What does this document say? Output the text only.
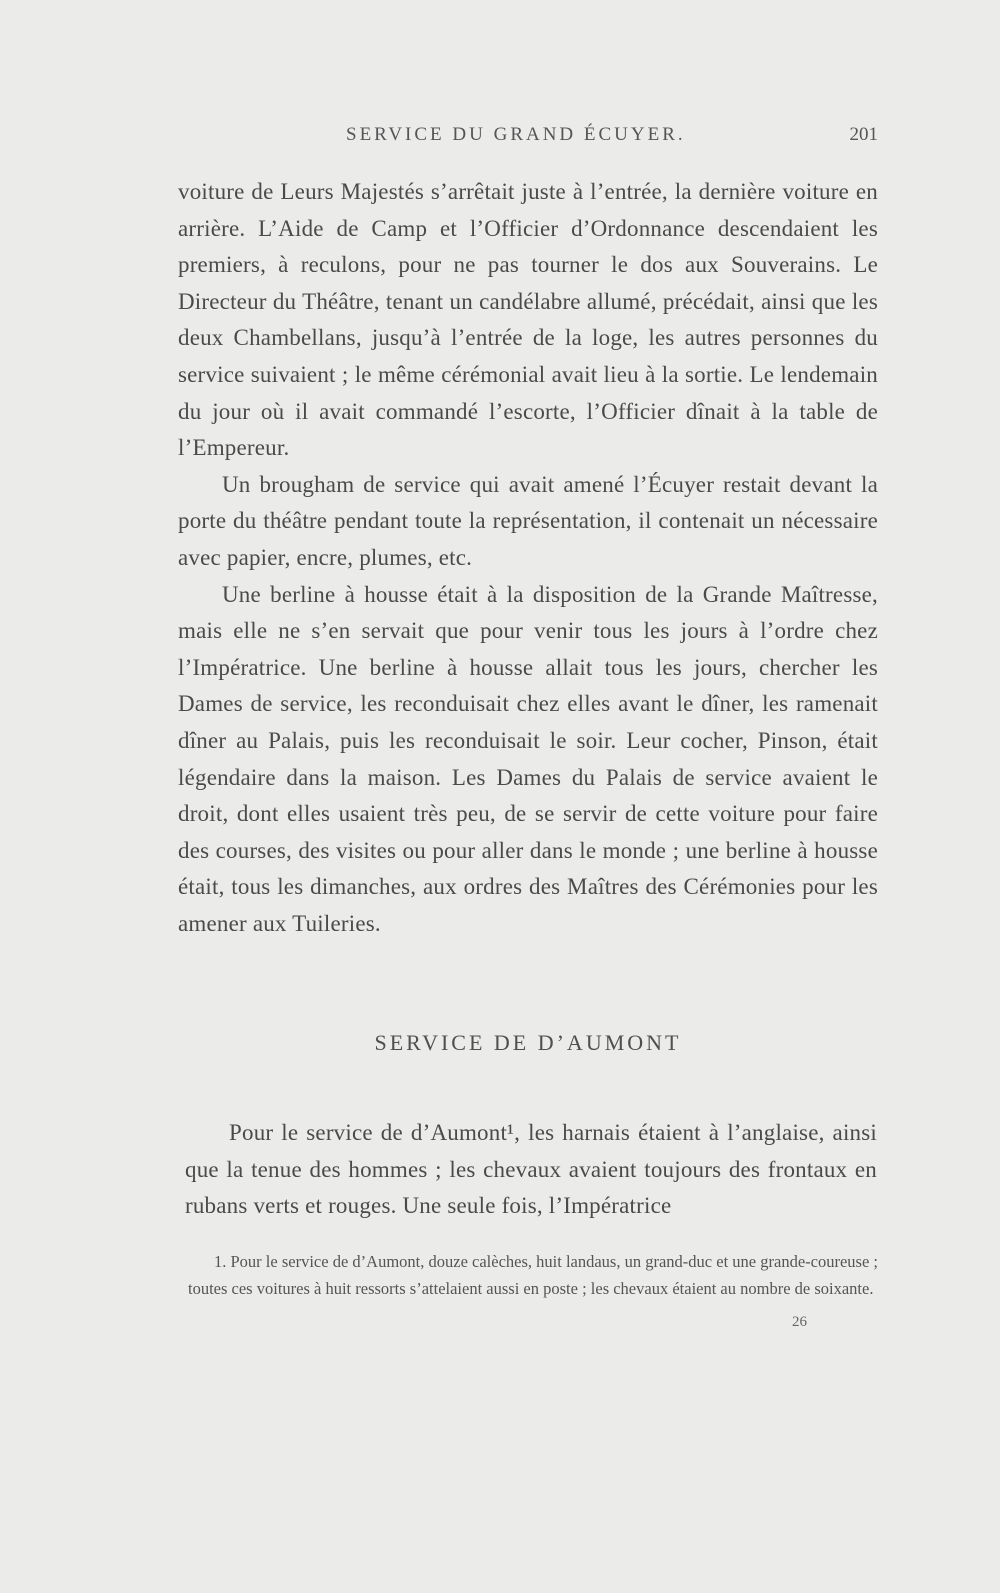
SERVICE DU GRAND ÉCUYER.	201

voiture de Leurs Majestés s’arrêtait juste à l’entrée, la dernière voiture en arrière. L’Aide de Camp et l’Officier d’Ordonnance descendaient les premiers, à reculons, pour ne pas tourner le dos aux Souverains. Le Directeur du Théâtre, tenant un candélabre allumé, précédait, ainsi que les deux Chambellans, jusqu’à l’entrée de la loge, les autres personnes du service suivaient ; le même cérémonial avait lieu à la sortie. Le lendemain du jour où il avait commandé l’escorte, l’Officier dînait à la table de l’Empereur.

Un brougham de service qui avait amené l’Écuyer restait devant la porte du théâtre pendant toute la représentation, il contenait un nécessaire avec papier, encre, plumes, etc.

Une berline à housse était à la disposition de la Grande Maîtresse, mais elle ne s’en servait que pour venir tous les jours à l’ordre chez l’Impératrice. Une berline à housse allait tous les jours, chercher les Dames de service, les reconduisait chez elles avant le dîner, les ramenait dîner au Palais, puis les reconduisait le soir. Leur cocher, Pinson, était légendaire dans la maison. Les Dames du Palais de service avaient le droit, dont elles usaient très peu, de se servir de cette voiture pour faire des courses, des visites ou pour aller dans le monde ; une berline à housse était, tous les dimanches, aux ordres des Maîtres des Cérémonies pour les amener aux Tuileries.

SERVICE DE D’AUMONT

Pour le service de d’Aumont¹, les harnais étaient à l’anglaise, ainsi que la tenue des hommes ; les chevaux avaient toujours des frontaux en rubans verts et rouges. Une seule fois, l’Impératrice

1. Pour le service de d’Aumont, douze calèches, huit landaus, un grand-duc et une grande-coureuse ; toutes ces voitures à huit ressorts s’attelaient aussi en poste ; les chevaux étaient au nombre de soixante.

26
